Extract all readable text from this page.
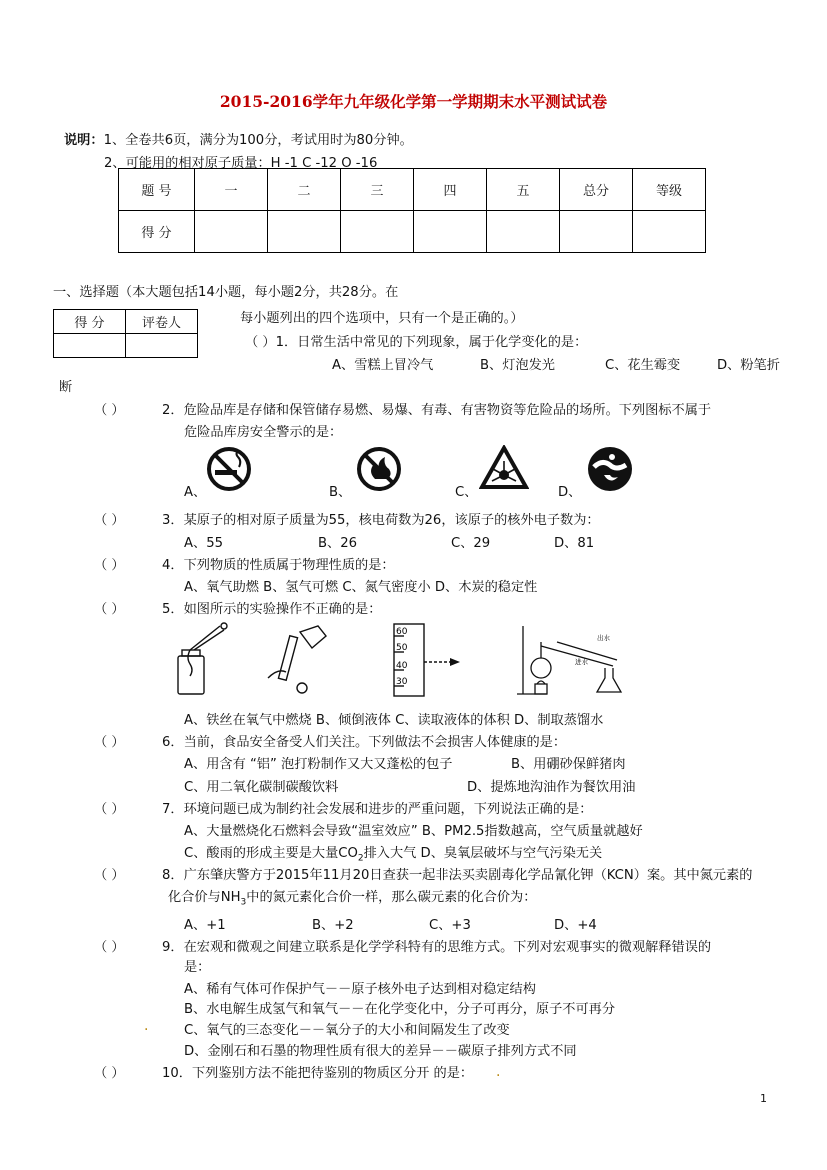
2015-2016学年九年级化学第一学期期末水平测试试卷
说明：1、全卷共6页，满分为100分，考试用时为80分钟。
2、可能用的相对原子质量：H -1 C -12 O -16
题 号	一	二	三	四	五	总分	等级
得 分							
一、选择题（本大题包括14小题，每小题2分，共28分。在
得 分	评卷人
		每小题列出的四个选项中，只有一个是正确的。）
（ ）1．日常生活中常见的下列现象，属于化学变化的是：
A、雪糕上冒冷气	B、灯泡发光	C、花生霉变	D、粉笔折
断
（ ）	2．危险品库是存储和保管储存易燃、易爆、有毒、有害物资等危险品的场所。下列图标不属于
危险品库房安全警示的是：
A、	B、	C、	D、
（ ）	3．某原子的相对原子质量为55，核电荷数为26，该原子的核外电子数为：
A、55	B、26	C、29	D、81
（ ）	4．下列物质的性质属于物理性质的是：
A、氧气助燃 B、氢气可燃 C、氮气密度小 D、木炭的稳定性
（ ）	5．如图所示的实验操作不正确的是：
60
50
40
30
出水
进水
A、铁丝在氧气中燃烧 B、倾倒液体 C、读取液体的体积 D、制取蒸馏水
（ ）	6．当前，食品安全备受人们关注。下列做法不会损害人体健康的是：
A、用含有 “铝” 泡打粉制作又大又蓬松的包子	B、用硼砂保鲜猪肉
C、用二氧化碳制碳酸饮料	D、提炼地沟油作为餐饮用油
（ ）	7．环境问题已成为制约社会发展和进步的严重问题，下列说法正确的是：
A、大量燃烧化石燃料会导致“温室效应” B、PM2.5指数越高，空气质量就越好
C、酸雨的形成主要是大量$CO_2$排入大气 D、臭氧层破坏与空气污染无关
（ ）	8．广东肇庆警方于2015年11月20日查获一起非法买卖剧毒化学品氰化钾（KCN）案。其中氮元素的
化合价与$NH_3$中的氮元素化合价一样，那么碳元素的化合价为：
A、+1	B、+2	C、+3	D、+4
（ ）	9．在宏观和微观之间建立联系是化学学科特有的思维方式。下列对宏观事实的微观解释错误的
是：
A、稀有气体可作保护气－－原子核外电子达到相对稳定结构
B、水电解生成氢气和氧气－－在化学变化中，分子可再分，原子不可再分
C、氧气的三态变化－－氧分子的大小和间隔发生了改变
.
D、金刚石和石墨的物理性质有很大的差异－－碳原子排列方式不同
（ ）	10．下列鉴别方法不能把待鉴别的物质区分开 的是： .
1
